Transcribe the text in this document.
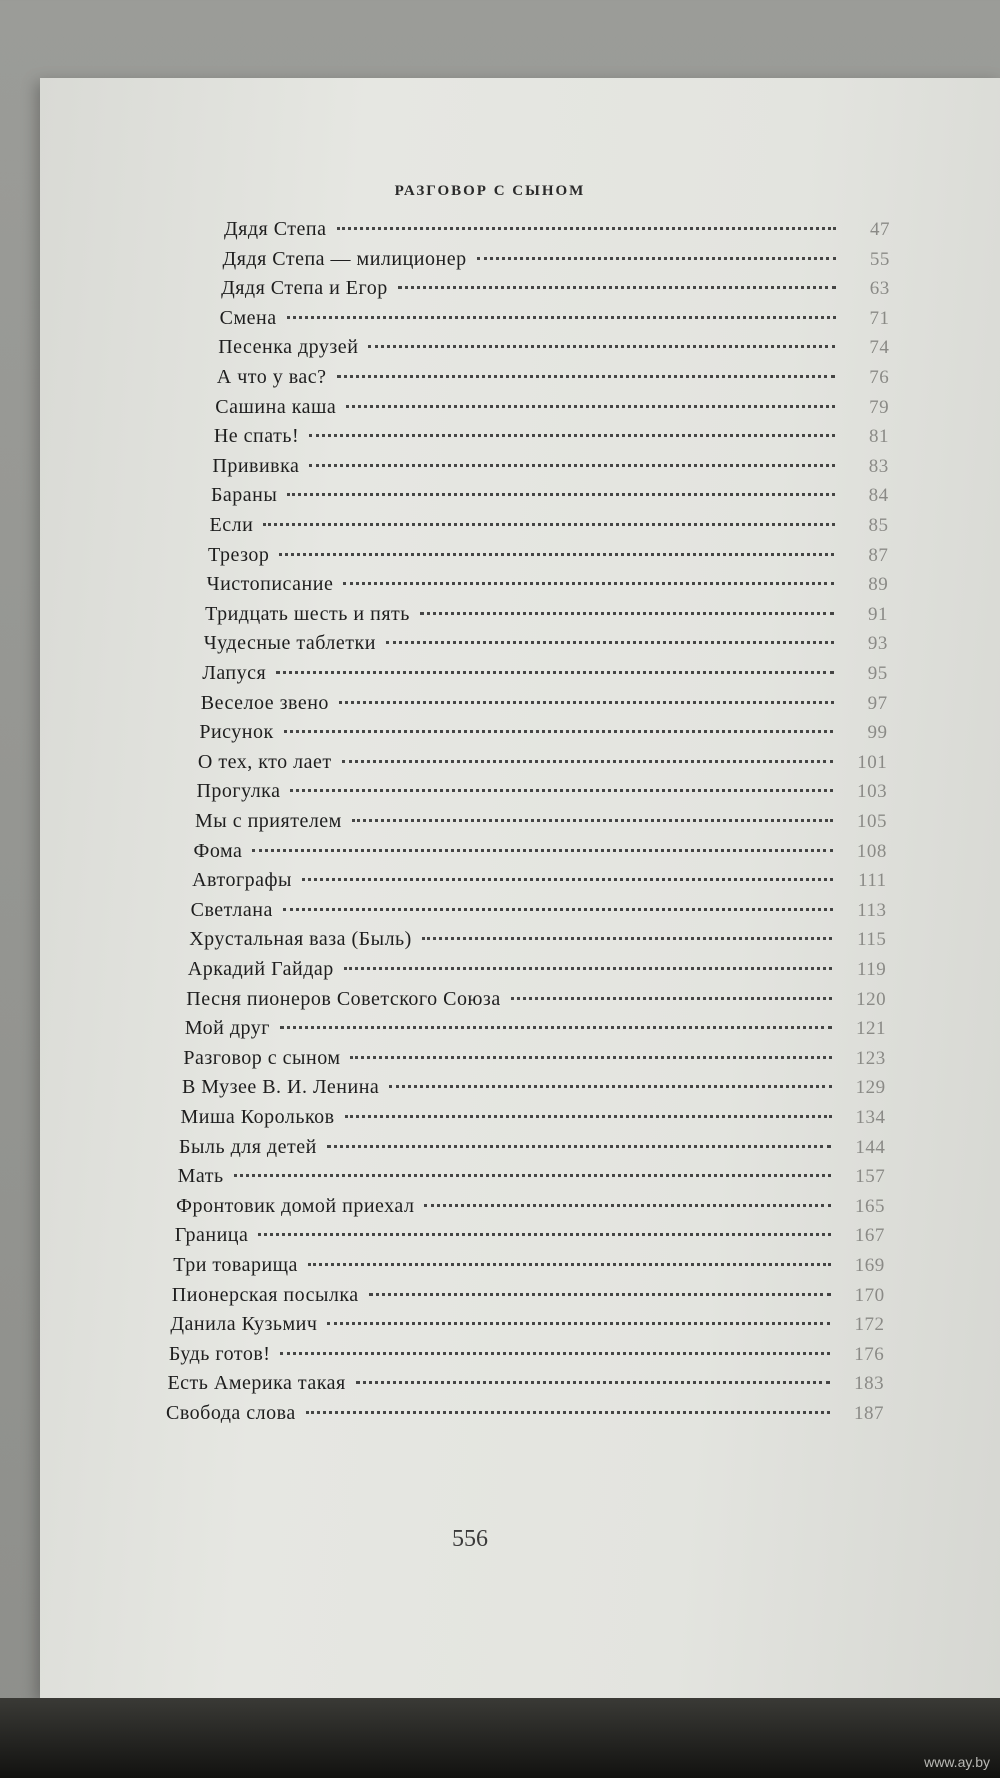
РАЗГОВОР С СЫНОМ
Дядя Степа	47
Дядя Степа — милиционер	55
Дядя Степа и Егор	63
Смена	71
Песенка друзей	74
А что у вас?	76
Сашина каша	79
Не спать!	81
Прививка	83
Бараны	84
Если	85
Трезор	87
Чистописание	89
Тридцать шесть и пять	91
Чудесные таблетки	93
Лапуся	95
Веселое звено	97
Рисунок	99
О тех, кто лает	101
Прогулка	103
Мы с приятелем	105
Фома	108
Автографы	111
Светлана	113
Хрустальная ваза (Быль)	115
Аркадий Гайдар	119
Песня пионеров Советского Союза	120
Мой друг	121
Разговор с сыном	123
В Музее В. И. Ленина	129
Миша Корольков	134
Быль для детей	144
Мать	157
Фронтовик домой приехал	165
Граница	167
Три товарища	169
Пионерская посылка	170
Данила Кузьмич	172
Будь готов!	176
Есть Америка такая	183
Свобода слова	187
556
www.ay.by
